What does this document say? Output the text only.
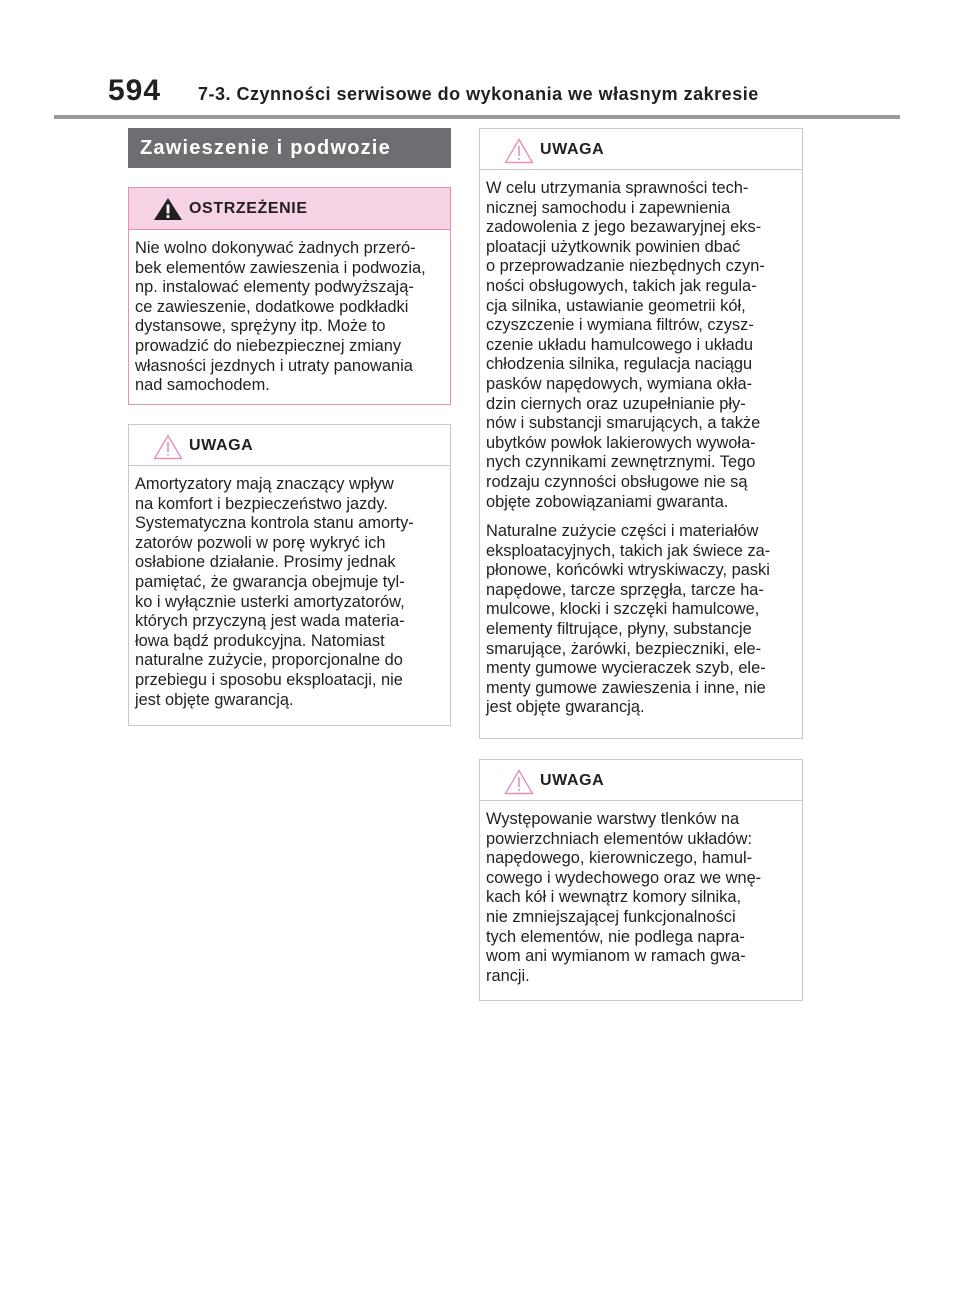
594 7-3. Czynności serwisowe do wykonania we własnym zakresie
Zawieszenie i podwozie
OSTRZEŻENIE

Nie wolno dokonywać żadnych przeró-
bek elementów zawieszenia i podwozia,
np. instalować elementy podwyższają-
ce zawieszenie, dodatkowe podkładki
dystansowe, sprężyny itp. Może to
prowadzić do niebezpiecznej zmiany
własności jezdnych i utraty panowania
nad samochodem.

UWAGA

Amortyzatory mają znaczący wpływ
na komfort i bezpieczeństwo jazdy.
Systematyczna kontrola stanu amorty-
zatorów pozwoli w porę wykryć ich
osłabione działanie. Prosimy jednak
pamiętać, że gwarancja obejmuje tyl-
ko i wyłącznie usterki amortyzatorów,
których przyczyną jest wada materia-
łowa bądź produkcyjna. Natomiast
naturalne zużycie, proporcjonalne do
przebiegu i sposobu eksploatacji, nie
jest objęte gwarancją.

UWAGA

W celu utrzymania sprawności tech-
nicznej samochodu i zapewnienia
zadowolenia z jego bezawaryjnej eks-
ploatacji użytkownik powinien dbać
o przeprowadzanie niezbędnych czyn-
ności obsługowych, takich jak regula-
cja silnika, ustawianie geometrii kół,
czyszczenie i wymiana filtrów, czysz-
czenie układu hamulcowego i układu
chłodzenia silnika, regulacja naciągu
pasków napędowych, wymiana okła-
dzin ciernych oraz uzupełnianie pły-
nów i substancji smarujących, a także
ubytków powłok lakierowych wywoła-
nych czynnikami zewnętrznymi. Tego
rodzaju czynności obsługowe nie są
objęte zobowiązaniami gwaranta.

Naturalne zużycie części i materiałów
eksploatacyjnych, takich jak świece za-
płonowe, końcówki wtryskiwaczy, paski
napędowe, tarcze sprzęgła, tarcze ha-
mulcowe, klocki i szczęki hamulcowe,
elementy filtrujące, płyny, substancje
smarujące, żarówki, bezpieczniki, ele-
menty gumowe wycieraczek szyb, ele-
menty gumowe zawieszenia i inne, nie
jest objęte gwarancją.

UWAGA

Występowanie warstwy tlenków na
powierzchniach elementów układów:
napędowego, kierowniczego, hamul-
cowego i wydechowego oraz we wnę-
kach kół i wewnątrz komory silnika,
nie zmniejszającej funkcjonalności
tych elementów, nie podlega napra-
wom ani wymianom w ramach gwa-
rancji.
